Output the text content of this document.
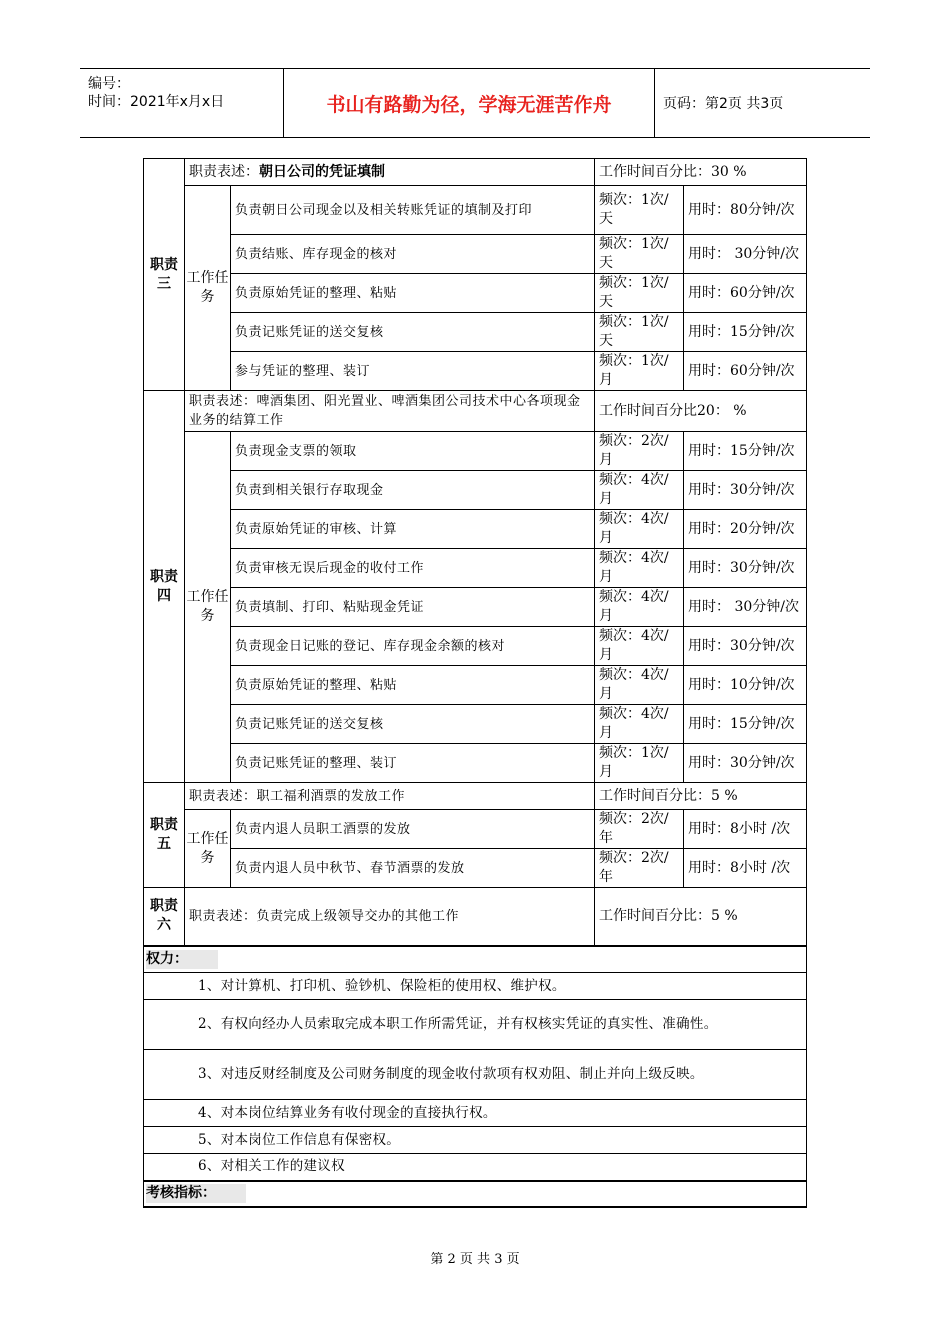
编号：
时间：2021年x月x日	书山有路勤为径，学海无涯苦作舟	页码：第2页 共3页
职责三	职责表述：朝日公司的凭证填制		工作时间百分比：30 %	
	工作任务	负责朝日公司现金以及相关转账凭证的填制及打印	频次：1次/天	用时：80分钟/次
		负责结账、库存现金的核对	频次：1次/天	用时： 30分钟/次
		负责原始凭证的整理、粘贴	频次：1次/天	用时：60分钟/次
		负责记账凭证的送交复核	频次：1次/天	用时：15分钟/次
		参与凭证的整理、装订	频次：1次/月	用时：60分钟/次
职责四	职责表述：啤酒集团、阳光置业、啤酒集团公司技术中心各项现金业务的结算工作		工作时间百分比20： %	
	工作任务	负责现金支票的领取	频次：2次/月	用时：15分钟/次
		负责到相关银行存取现金	频次：4次/月	用时：30分钟/次
		负责原始凭证的审核、计算	频次：4次/月	用时：20分钟/次
		负责审核无误后现金的收付工作	频次：4次/月	用时：30分钟/次
		负责填制、打印、粘贴现金凭证	频次：4次/月	用时： 30分钟/次
		负责现金日记账的登记、库存现金余额的核对	频次：4次/月	用时：30分钟/次
		负责原始凭证的整理、粘贴	频次：4次/月	用时：10分钟/次
		负责记账凭证的送交复核	频次：4次/月	用时：15分钟/次
		负责记账凭证的整理、装订	频次：1次/月	用时：30分钟/次
职责五	职责表述：职工福利酒票的发放工作		工作时间百分比：5 %	
	工作任务	负责内退人员职工酒票的发放	频次：2次/年	用时：8小时 /次
		负责内退人员中秋节、春节酒票的发放	频次：2次/年	用时：8小时 /次
职责六	职责表述：负责完成上级领导交办的其他工作		工作时间百分比：5 %	
权力：				
1、对计算机、打印机、验钞机、保险柜的使用权、维护权。				
2、有权向经办人员索取完成本职工作所需凭证，并有权核实凭证的真实性、准确性。				
3、对违反财经制度及公司财务制度的现金收付款项有权劝阻、制止并向上级反映。				
4、对本岗位结算业务有收付现金的直接执行权。				
5、对本岗位工作信息有保密权。				
6、对相关工作的建议权				
考核指标：				
第 2 页 共 3 页
